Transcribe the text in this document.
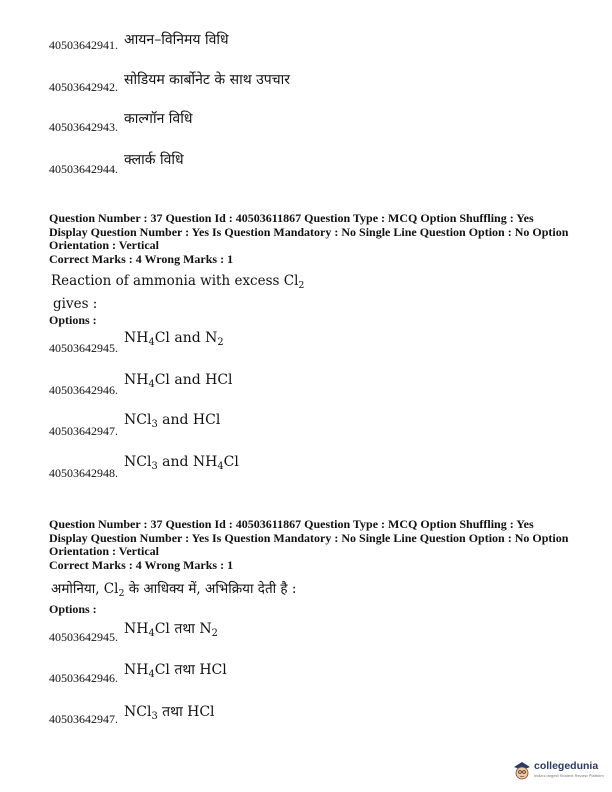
40503642941. आयन–विनिमय विधि
40503642942. सोडियम कार्बोनेट के साथ उपचार
40503642943. काल्गॉन विधि
40503642944.
क्लार्क विधि
Question Number : 37 Question Id : 40503611867 Question Type : MCQ Option Shuffling : Yes
Display Question Number : Yes Is Question Mandatory : No Single Line Question Option : No Option
Orientation : Vertical
Correct Marks : 4 Wrong Marks : 1
Reaction of ammonia with excess $Cl_2$
gives :
Options :
40503642945.
$NH_4Cl$ and $N_2$
40503642946.
$NH_4Cl$ and HCl
40503642947.
NCl$_3$ and HCl
40503642948.
NCl$_3$ and $NH_4Cl$
Question Number : 37 Question Id : 40503611867 Question Type : MCQ Option Shuffling : Yes
Display Question Number : Yes Is Question Mandatory : No Single Line Question Option : No Option
Orientation : Vertical
Correct Marks : 4 Wrong Marks : 1
अमोनिया, $Cl_2$ के आधिक्य में, अभिक्रिया देती है :
Options :
40503642945. $NH_4Cl$ तथा $N_2$
40503642946. $NH_4Cl$ तथा HCl
40503642947. NCl$_3$ तथा HCl
collegedunia
India's largest Student Review Platform
